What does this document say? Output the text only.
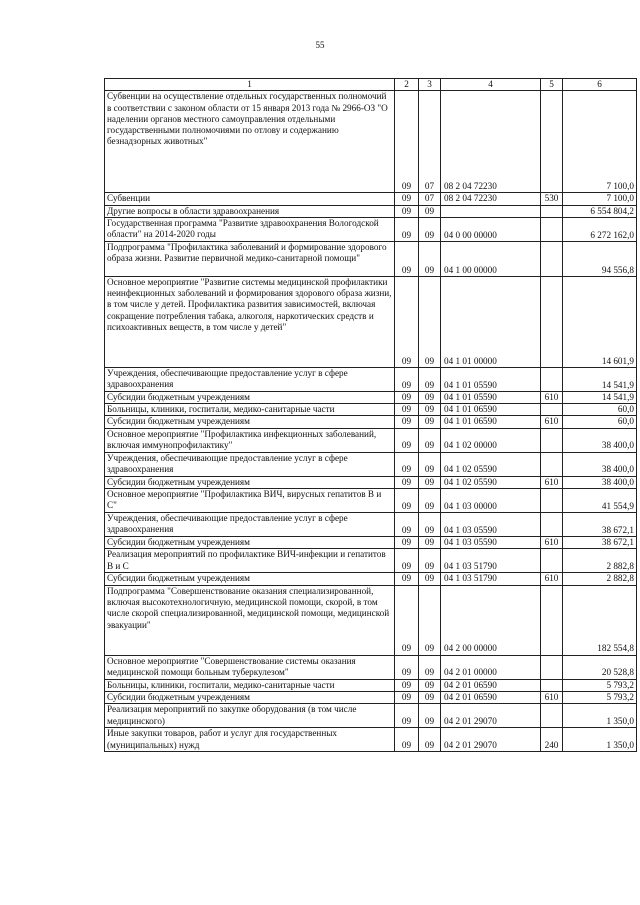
55
1	2	3	4	5	6
Субвенции на осуществление отдельных государственных полномочий в соответствии с законом области от 15 января 2013 года № 2966-ОЗ "О наделении органов местного самоуправления отдельными государственными полномочиями по отлову и содержанию безнадзорных животных"	09	07	08 2 04 72230		7 100,0
Субвенции	09	07	08 2 04 72230	530	7 100,0
Другие вопросы в области здравоохранения	09	09			6 554 804,2
Государственная программа "Развитие здравоохранения Вологодской области" на 2014-2020 годы	09	09	04 0 00 00000		6 272 162,0
Подпрограмма "Профилактика заболеваний и формирование здорового образа жизни. Развитие первичной медико-санитарной помощи"	09	09	04 1 00 00000		94 556,8
Основное мероприятие "Развитие системы медицинской профилактики неинфекционных заболеваний и формирования здорового образа жизни, в том числе у детей. Профилактика развития зависимостей, включая сокращение потребления табака, алкоголя, наркотических средств и психоактивных веществ, в том числе у детей"	09	09	04 1 01 00000		14 601,9
Учреждения, обеспечивающие предоставление услуг в сфере здравоохранения	09	09	04 1 01 05590		14 541,9
Субсидии бюджетным учреждениям	09	09	04 1 01 05590	610	14 541,9
Больницы, клиники, госпитали, медико-санитарные части	09	09	04 1 01 06590		60,0
Субсидии бюджетным учреждениям	09	09	04 1 01 06590	610	60,0
Основное мероприятие "Профилактика инфекционных заболеваний, включая иммунопрофилактику"	09	09	04 1 02 00000		38 400,0
Учреждения, обеспечивающие предоставление услуг в сфере здравоохранения	09	09	04 1 02 05590		38 400,0
Субсидии бюджетным учреждениям	09	09	04 1 02 05590	610	38 400,0
Основное мероприятие "Профилактика ВИЧ, вирусных гепатитов В и С"	09	09	04 1 03 00000		41 554,9
Учреждения, обеспечивающие предоставление услуг в сфере здравоохранения	09	09	04 1 03 05590		38 672,1
Субсидии бюджетным учреждениям	09	09	04 1 03 05590	610	38 672,1
Реализация мероприятий по профилактике ВИЧ-инфекции и гепатитов В и С	09	09	04 1 03 51790		2 882,8
Субсидии бюджетным учреждениям	09	09	04 1 03 51790	610	2 882,8
Подпрограмма "Совершенствование оказания специализированной, включая высокотехнологичную, медицинской помощи, скорой, в том числе скорой специализированной, медицинской помощи, медицинской эвакуации"	09	09	04 2 00 00000		182 554,8
Основное мероприятие "Совершенствование системы оказания медицинской помощи больным туберкулезом"	09	09	04 2 01 00000		20 528,8
Больницы, клиники, госпитали, медико-санитарные части	09	09	04 2 01 06590		5 793,2
Субсидии бюджетным учреждениям	09	09	04 2 01 06590	610	5 793,2
Реализация мероприятий по закупке оборудования (в том числе медицинского)	09	09	04 2 01 29070		1 350,0
Иные закупки товаров, работ и услуг для государственных (муниципальных) нужд	09	09	04 2 01 29070	240	1 350,0
